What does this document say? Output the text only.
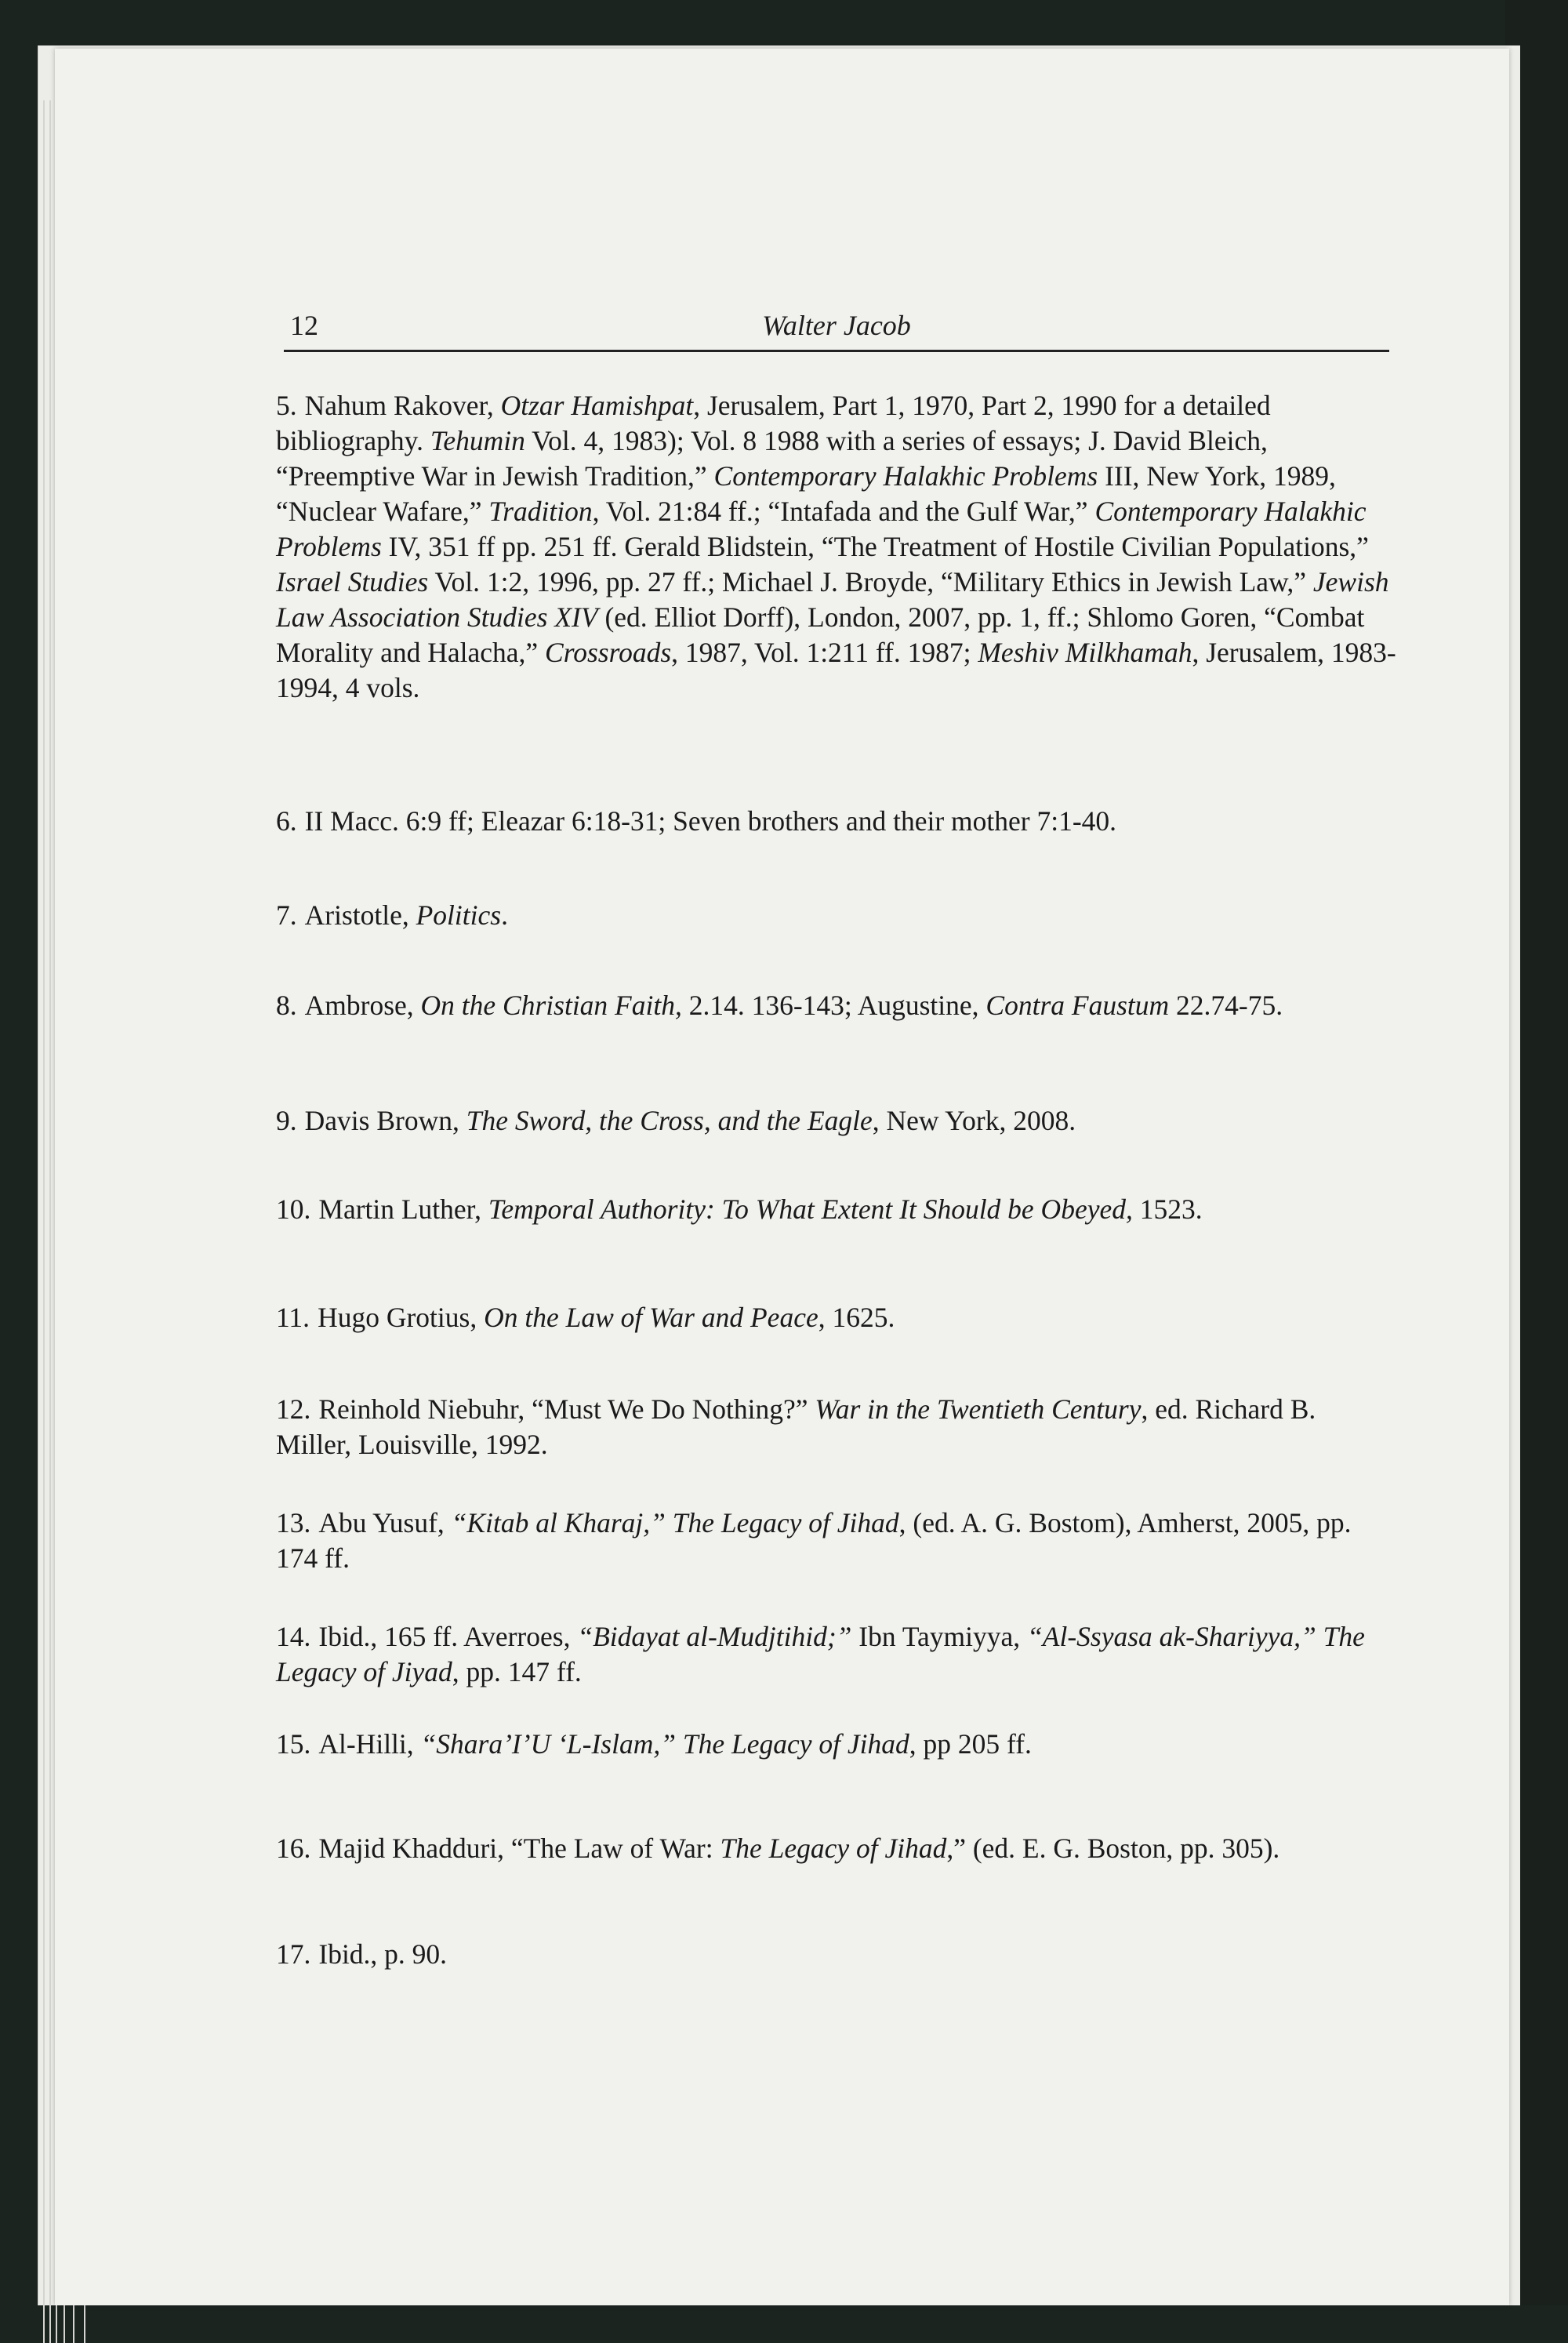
12	Walter Jacob

5. Nahum Rakover, Otzar Hamishpat, Jerusalem, Part 1, 1970, Part 2, 1990 for a detailed bibliography. Tehumin Vol. 4, 1983); Vol. 8 1988 with a series of essays; J. David Bleich, “Preemptive War in Jewish Tradition,” Contemporary Halakhic Problems III, New York, 1989, “Nuclear Wafare,” Tradition, Vol. 21:84 ff.; “Intafada and the Gulf War,” Contemporary Halakhic Problems IV, 351 ff pp. 251 ff. Gerald Blidstein, “The Treatment of Hostile Civilian Populations,” Israel Studies Vol. 1:2, 1996, pp. 27 ff.; Michael J. Broyde, “Military Ethics in Jewish Law,” Jewish Law Association Studies XIV (ed. Elliot Dorff), London, 2007, pp. 1, ff.; Shlomo Goren, “Combat Morality and Halacha,” Crossroads, 1987, Vol. 1:211 ff. 1987; Meshiv Milkhamah, Jerusalem, 1983-1994, 4 vols.

6. II Macc. 6:9 ff; Eleazar 6:18-31; Seven brothers and their mother 7:1-40.

7. Aristotle, Politics.

8. Ambrose, On the Christian Faith, 2.14. 136-143; Augustine, Contra Faustum 22.74-75.

9. Davis Brown, The Sword, the Cross, and the Eagle, New York, 2008.

10. Martin Luther, Temporal Authority: To What Extent It Should be Obeyed, 1523.

11. Hugo Grotius, On the Law of War and Peace, 1625.

12. Reinhold Niebuhr, “Must We Do Nothing?” War in the Twentieth Century, ed. Richard B. Miller, Louisville, 1992.

13. Abu Yusuf, “Kitab al Kharaj,” The Legacy of Jihad, (ed. A. G. Bostom), Amherst, 2005, pp. 174 ff.

14. Ibid., 165 ff. Averroes, “Bidayat al-Mudjtihid;” Ibn Taymiyya, “Al-Ssyasa ak-Shariyya,” The Legacy of Jiyad, pp. 147 ff.

15. Al-Hilli, “Shara’I’U ‘L-Islam,” The Legacy of Jihad, pp 205 ff.

16. Majid Khadduri, “The Law of War: The Legacy of Jihad,” (ed. E. G. Boston, pp. 305).

17. Ibid., p. 90.
